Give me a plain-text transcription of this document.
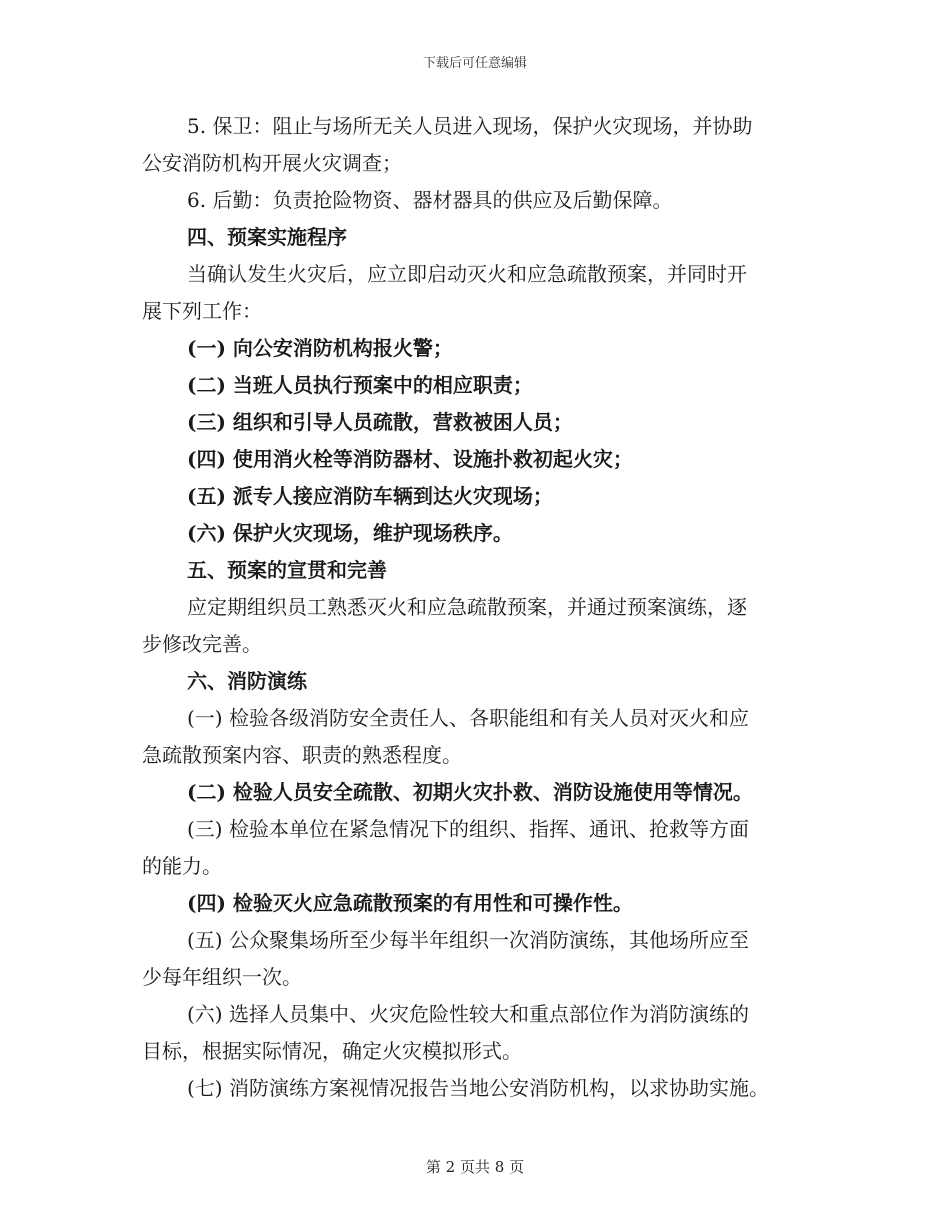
下载后可任意编辑
5. 保卫：阻止与场所无关人员进入现场，保护火灾现场，并协助
公安消防机构开展火灾调查；
6. 后勤：负责抢险物资、器材器具的供应及后勤保障。
四、预案实施程序
当确认发生火灾后，应立即启动灭火和应急疏散预案，并同时开
展下列工作：
(一) 向公安消防机构报火警；
(二) 当班人员执行预案中的相应职责；
(三) 组织和引导人员疏散，营救被困人员；
(四) 使用消火栓等消防器材、设施扑救初起火灾；
(五) 派专人接应消防车辆到达火灾现场；
(六) 保护火灾现场，维护现场秩序。
五、预案的宣贯和完善
应定期组织员工熟悉灭火和应急疏散预案，并通过预案演练，逐
步修改完善。
六、消防演练
(一) 检验各级消防安全责任人、各职能组和有关人员对灭火和应
急疏散预案内容、职责的熟悉程度。
(二) 检验人员安全疏散、初期火灾扑救、消防设施使用等情况。
(三) 检验本单位在紧急情况下的组织、指挥、通讯、抢救等方面
的能力。
(四) 检验灭火应急疏散预案的有用性和可操作性。
(五) 公众聚集场所至少每半年组织一次消防演练，其他场所应至
少每年组织一次。
(六) 选择人员集中、火灾危险性较大和重点部位作为消防演练的
目标，根据实际情况，确定火灾模拟形式。
(七) 消防演练方案视情况报告当地公安消防机构，以求协助实施。
第 2 页共 8 页
